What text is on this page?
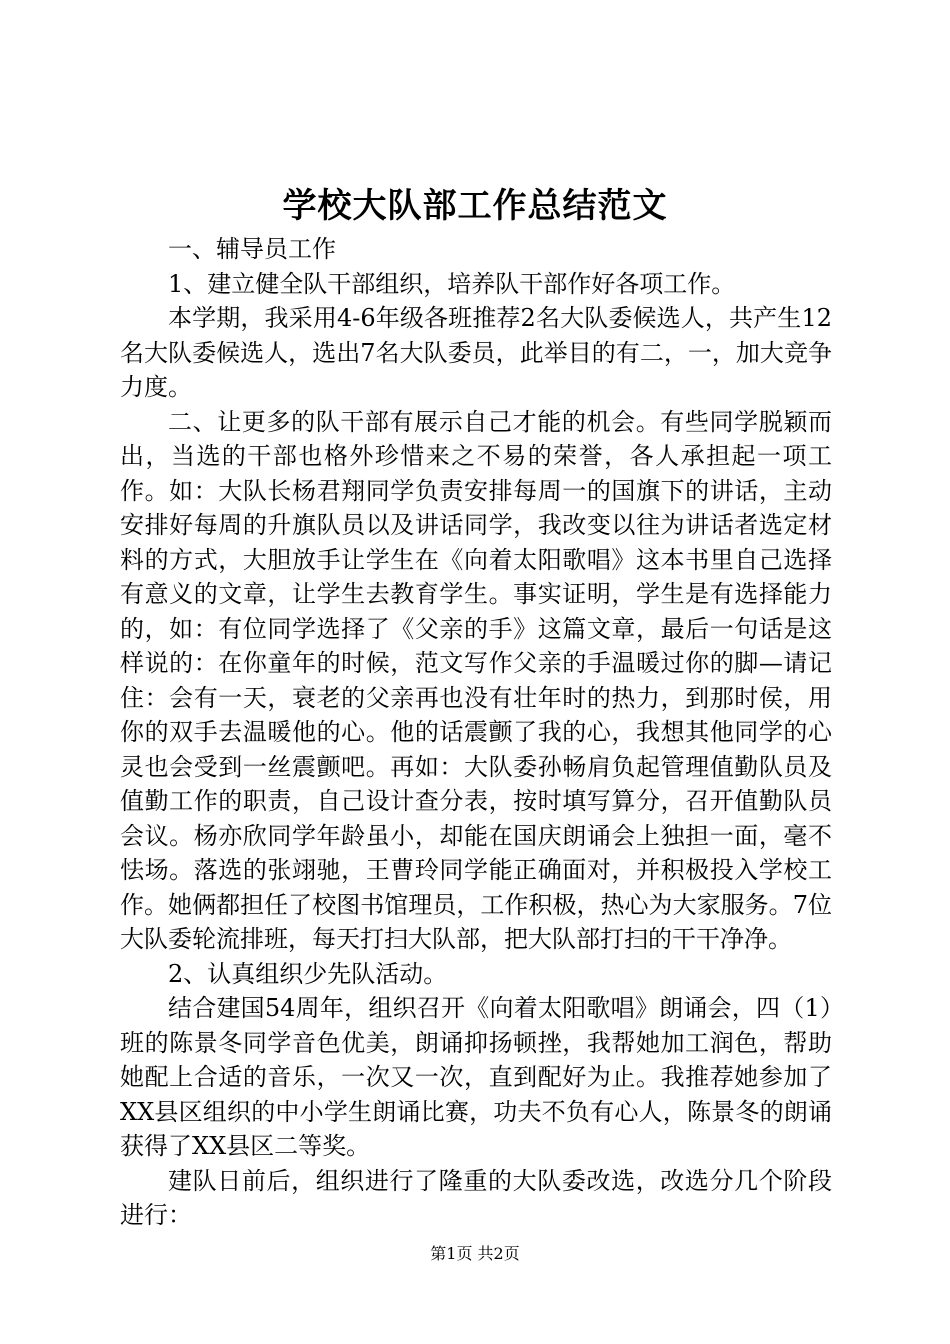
学校大队部工作总结范文

一、辅导员工作

1、建立健全队干部组织，培养队干部作好各项工作。

本学期，我采用4-6年级各班推荐2名大队委候选人，共产生12名大队委候选人，选出7名大队委员，此举目的有二，一，加大竞争力度。

二、让更多的队干部有展示自己才能的机会。有些同学脱颖而出，当选的干部也格外珍惜来之不易的荣誉，各人承担起一项工作。如：大队长杨君翔同学负责安排每周一的国旗下的讲话，主动安排好每周的升旗队员以及讲话同学，我改变以往为讲话者选定材料的方式，大胆放手让学生在《向着太阳歌唱》这本书里自己选择有意义的文章，让学生去教育学生。事实证明，学生是有选择能力的，如：有位同学选择了《父亲的手》这篇文章，最后一句话是这样说的：在你童年的时候，范文写作父亲的手温暖过你的脚—请记住：会有一天，衰老的父亲再也没有壮年时的热力，到那时侯，用你的双手去温暖他的心。他的话震颤了我的心，我想其他同学的心灵也会受到一丝震颤吧。再如：大队委孙畅肩负起管理值勤队员及值勤工作的职责，自己设计查分表，按时填写算分，召开值勤队员会议。杨亦欣同学年龄虽小，却能在国庆朗诵会上独担一面，毫不怯场。落选的张翊驰，王曹玲同学能正确面对，并积极投入学校工作。她俩都担任了校图书馆理员，工作积极，热心为大家服务。7位大队委轮流排班，每天打扫大队部，把大队部打扫的干干净净。

2、认真组织少先队活动。

结合建国54周年，组织召开《向着太阳歌唱》朗诵会，四（1）班的陈景冬同学音色优美，朗诵抑扬顿挫，我帮她加工润色，帮助她配上合适的音乐，一次又一次，直到配好为止。我推荐她参加了XX县区组织的中小学生朗诵比赛，功夫不负有心人，陈景冬的朗诵获得了XX县区二等奖。

建队日前后，组织进行了隆重的大队委改选，改选分几个阶段进行：

第1页 共2页
